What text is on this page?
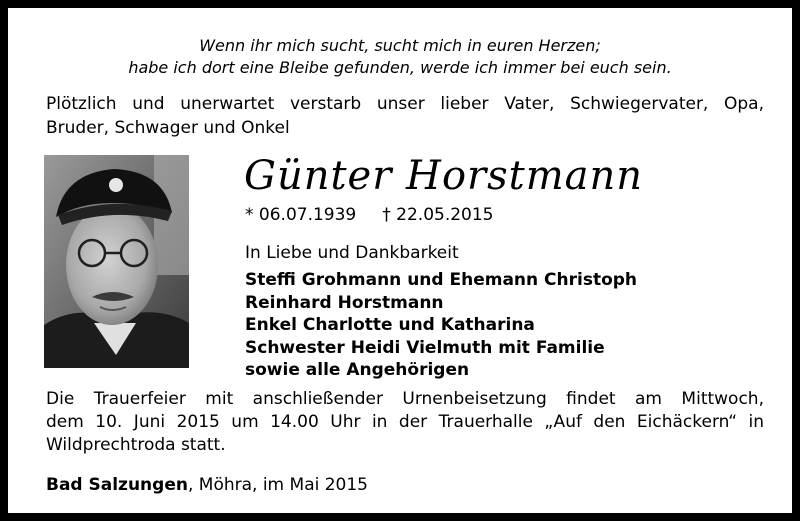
Wenn ihr mich sucht, sucht mich in euren Herzen;
habe ich dort eine Bleibe gefunden, werde ich immer bei euch sein.
Plötzlich und unerwartet verstarb unser lieber Vater, Schwiegervater, Opa,
Bruder, Schwager und Onkel
Günter Horstmann
* 06.07.1939 † 22.05.2015
In Liebe und Dankbarkeit
Steffi Grohmann und Ehemann Christoph
Reinhard Horstmann
Enkel Charlotte und Katharina
Schwester Heidi Vielmuth mit Familie
sowie alle Angehörigen
Die Trauerfeier mit anschließender Urnenbeisetzung findet am Mittwoch,
dem 10. Juni 2015 um 14.00 Uhr in der Trauerhalle „Auf den Eichäckern“ in
Wildprechtroda statt.
Bad Salzungen, Möhra, im Mai 2015
